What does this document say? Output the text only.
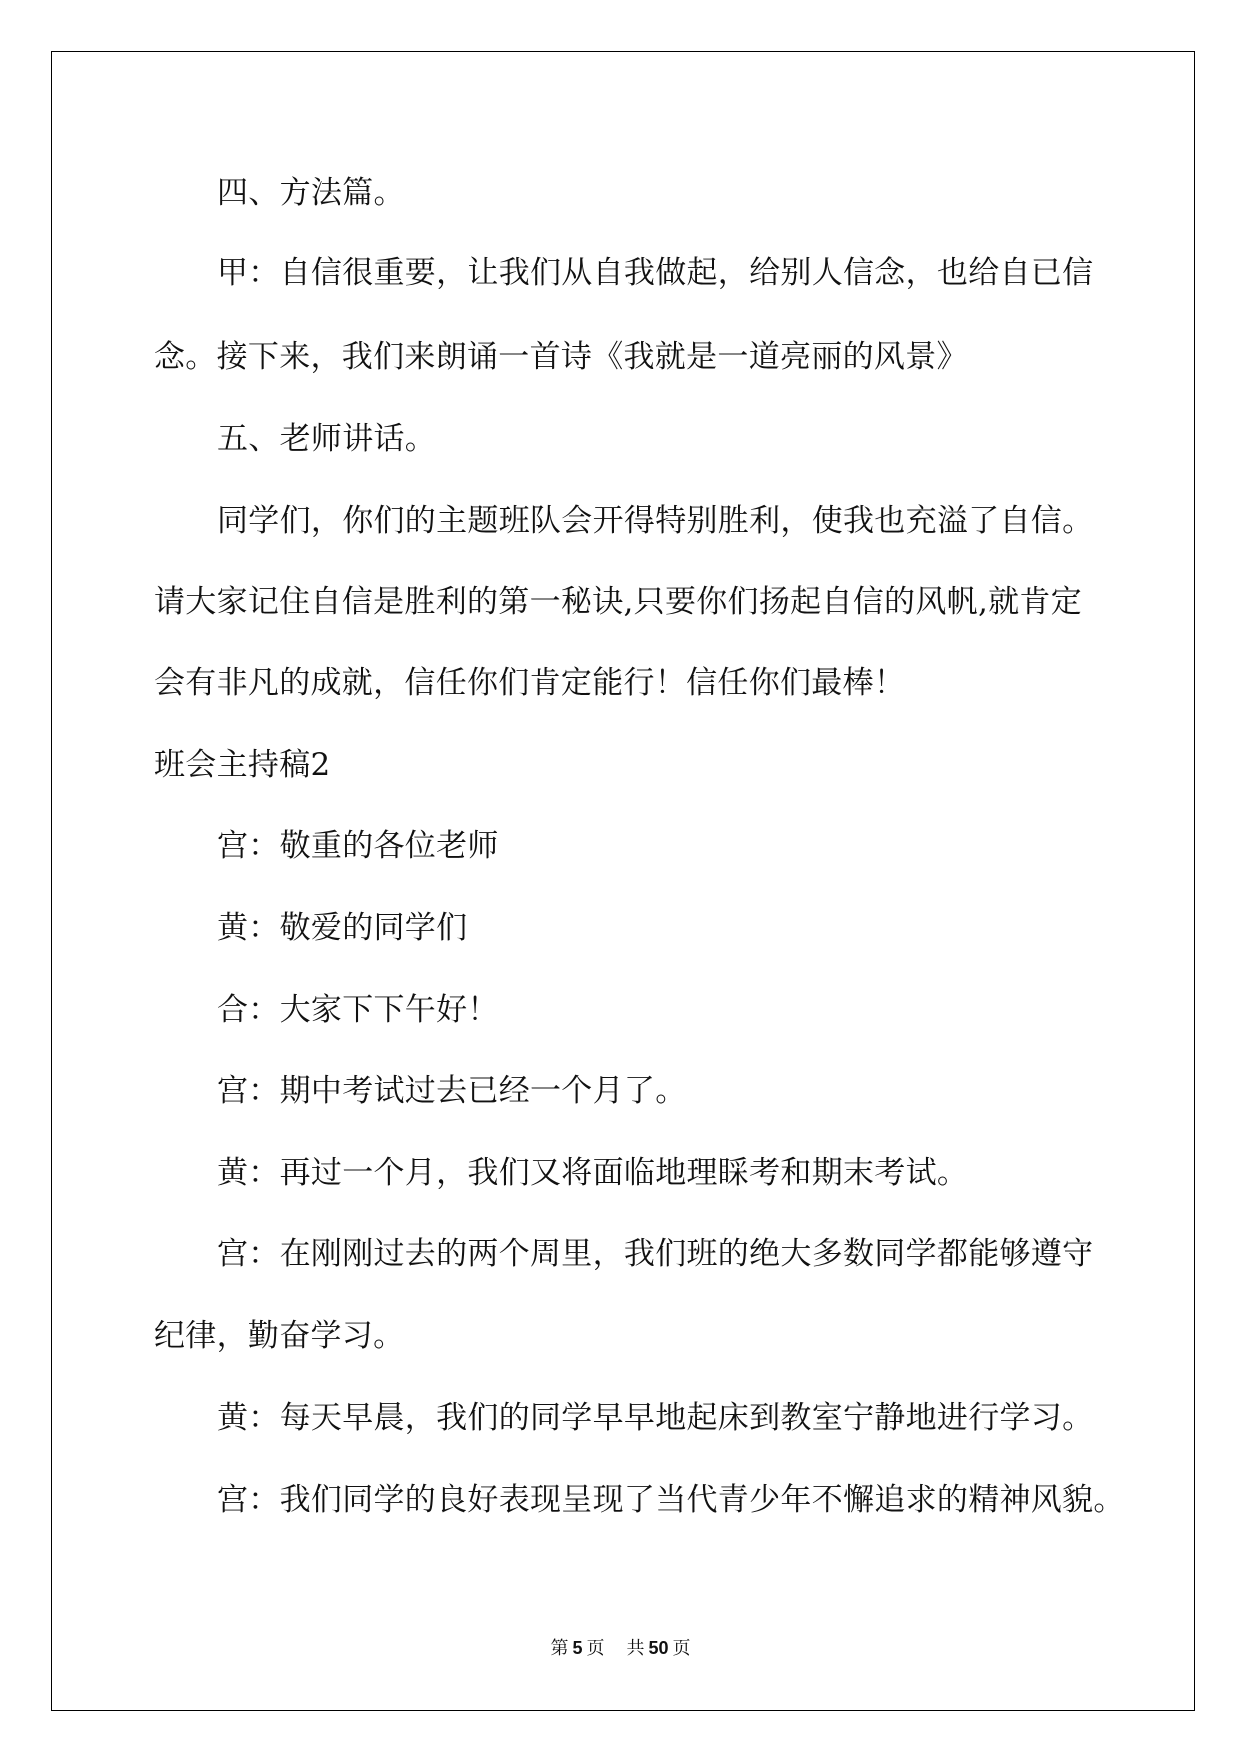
四、方法篇。
甲：自信很重要，让我们从自我做起，给别人信念，也给自已信
念。接下来，我们来朗诵一首诗《我就是一道亮丽的风景》
五、老师讲话。
同学们，你们的主题班队会开得特别胜利，使我也充溢了自信。
请大家记住自信是胜利的第一秘诀,只要你们扬起自信的风帆,就肯定
会有非凡的成就，信任你们肯定能行！信任你们最棒！
班会主持稿2
宫：敬重的各位老师
黄：敬爱的同学们
合：大家下下午好！
宫：期中考试过去已经一个月了。
黄：再过一个月，我们又将面临地理睬考和期末考试。
宫：在刚刚过去的两个周里，我们班的绝大多数同学都能够遵守
纪律，勤奋学习。
黄：每天早晨，我们的同学早早地起床到教室宁静地进行学习。
宫：我们同学的良好表现呈现了当代青少年不懈追求的精神风貌。
第 5 页 共 50 页
